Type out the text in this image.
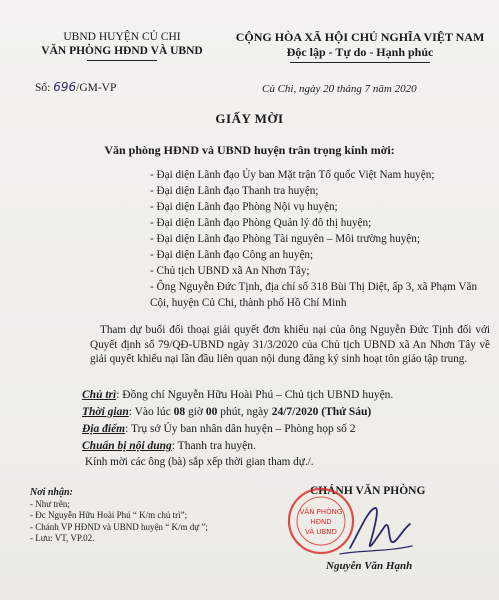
UBND HUYỆN CỦ CHI
VĂN PHÒNG HĐND VÀ UBND
CỘNG HÒA XÃ HỘI CHỦ NGHĨA VIỆT NAM
Độc lập - Tự do - Hạnh phúc
Số: 696/GM-VP	Củ Chi, ngày 20 tháng 7 năm 2020
GIẤY MỜI
Văn phòng HĐND và UBND huyện trân trọng kính mời:
- Đại diện Lãnh đạo Ủy ban Mặt trận Tổ quốc Việt Nam huyện;
- Đại diện Lãnh đạo Thanh tra huyện;
- Đại diện Lãnh đạo Phòng Nội vụ huyện;
- Đại diện Lãnh đạo Phòng Quản lý đô thị huyện;
- Đại diện Lãnh đạo Phòng Tài nguyên – Môi trường huyện;
- Đại diện Lãnh đạo Công an huyện;
- Chủ tịch UBND xã An Nhơn Tây;
- Ông Nguyễn Đức Tịnh, địa chỉ số 318 Bùi Thị Diệt, ấp 3, xã Phạm Văn Cội, huyện Củ Chi, thành phố Hồ Chí Minh
Tham dự buổi đối thoại giải quyết đơn khiếu nại của ông Nguyễn Đức Tịnh đối với Quyết định số 79/QĐ-UBND ngày 31/3/2020 của Chủ tịch UBND xã An Nhơn Tây về giải quyết khiếu nại lần đầu liên quan nội dung đăng ký sinh hoạt tôn giáo tập trung.
Chủ trì: Đồng chí Nguyễn Hữu Hoài Phú – Chủ tịch UBND huyện.
Thời gian: Vào lúc 08 giờ 00 phút, ngày 24/7/2020 (Thứ Sáu)
Địa điểm: Trụ sở Ủy ban nhân dân huyện – Phòng họp số 2
Chuẩn bị nội dung: Thanh tra huyện.
Kính mời các ông (bà) sắp xếp thời gian tham dự./.
Nơi nhận:
- Như trên;
- Đc Nguyễn Hữu Hoài Phú “ K/m chủ trì”;
- Chánh VP HĐND và UBND huyện “ K/m dự ”;
- Lưu: VT, VP.02.
CHÁNH VĂN PHÒNG
VĂN PHÒNG
HĐND
VÀ UBND
Nguyễn Văn Hạnh
